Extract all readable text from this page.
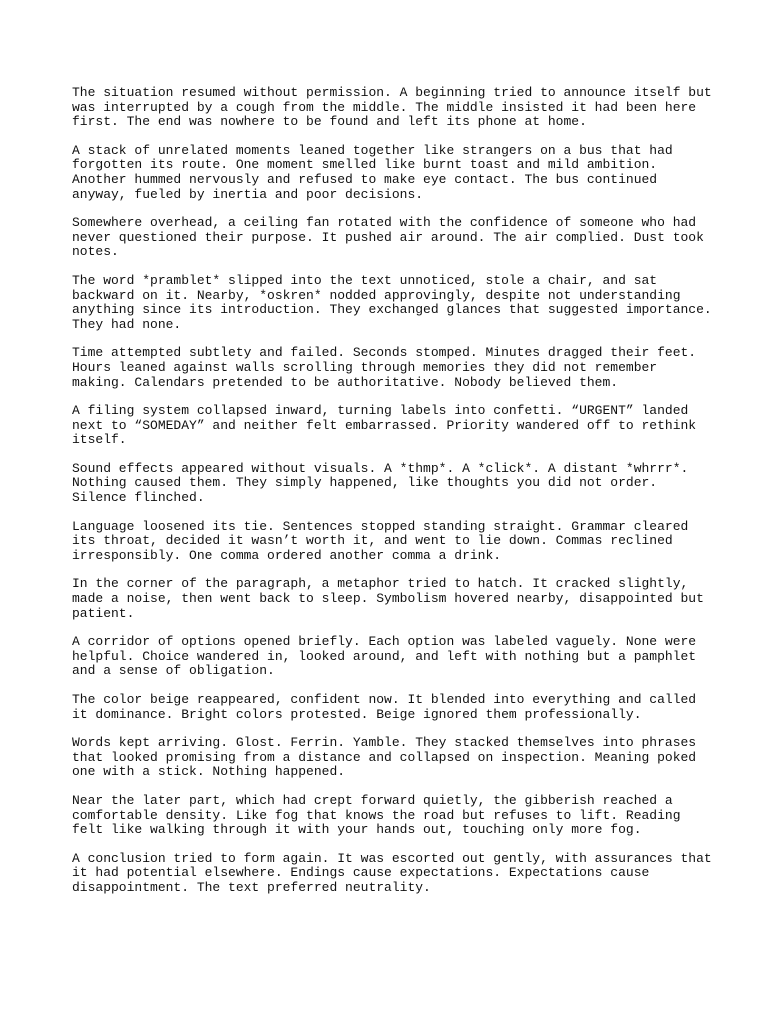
The situation resumed without permission. A beginning tried to announce itself but was interrupted by a cough from the middle. The middle insisted it had been here first. The end was nowhere to be found and left its phone at home.

A stack of unrelated moments leaned together like strangers on a bus that had forgotten its route. One moment smelled like burnt toast and mild ambition. Another hummed nervously and refused to make eye contact. The bus continued anyway, fueled by inertia and poor decisions.

Somewhere overhead, a ceiling fan rotated with the confidence of someone who had never questioned their purpose. It pushed air around. The air complied. Dust took notes.

The word *pramblet* slipped into the text unnoticed, stole a chair, and sat backward on it. Nearby, *oskren* nodded approvingly, despite not understanding anything since its introduction. They exchanged glances that suggested importance. They had none.

Time attempted subtlety and failed. Seconds stomped. Minutes dragged their feet. Hours leaned against walls scrolling through memories they did not remember making. Calendars pretended to be authoritative. Nobody believed them.

A filing system collapsed inward, turning labels into confetti. “URGENT” landed next to “SOMEDAY” and neither felt embarrassed. Priority wandered off to rethink itself.

Sound effects appeared without visuals. A *thmp*. A *click*. A distant *whrrr*. Nothing caused them. They simply happened, like thoughts you did not order. Silence flinched.

Language loosened its tie. Sentences stopped standing straight. Grammar cleared its throat, decided it wasn’t worth it, and went to lie down. Commas reclined irresponsibly. One comma ordered another comma a drink.

In the corner of the paragraph, a metaphor tried to hatch. It cracked slightly, made a noise, then went back to sleep. Symbolism hovered nearby, disappointed but patient.

A corridor of options opened briefly. Each option was labeled vaguely. None were helpful. Choice wandered in, looked around, and left with nothing but a pamphlet and a sense of obligation.

The color beige reappeared, confident now. It blended into everything and called it dominance. Bright colors protested. Beige ignored them professionally.

Words kept arriving. Glost. Ferrin. Yamble. They stacked themselves into phrases that looked promising from a distance and collapsed on inspection. Meaning poked one with a stick. Nothing happened.

Near the later part, which had crept forward quietly, the gibberish reached a comfortable density. Like fog that knows the road but refuses to lift. Reading felt like walking through it with your hands out, touching only more fog.

A conclusion tried to form again. It was escorted out gently, with assurances that it had potential elsewhere. Endings cause expectations. Expectations cause disappointment. The text preferred neutrality.
